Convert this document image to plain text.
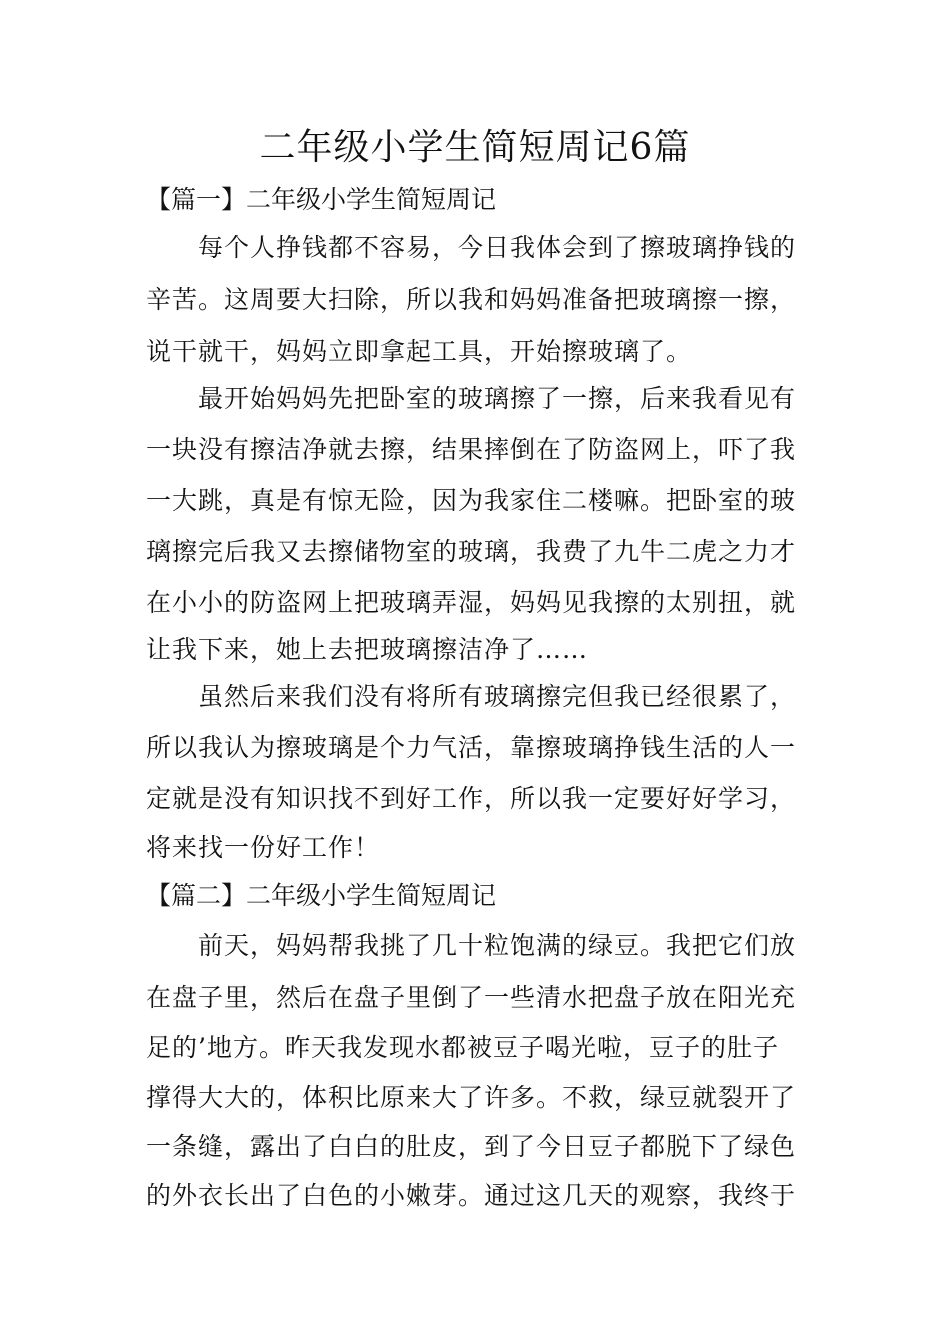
二年级小学生简短周记6篇
【篇一】二年级小学生简短周记
每个人挣钱都不容易，今日我体会到了擦玻璃挣钱的
辛苦。这周要大扫除，所以我和妈妈准备把玻璃擦一擦，
说干就干，妈妈立即拿起工具，开始擦玻璃了。
最开始妈妈先把卧室的玻璃擦了一擦，后来我看见有
一块没有擦洁净就去擦，结果摔倒在了防盗网上，吓了我
一大跳，真是有惊无险，因为我家住二楼嘛。把卧室的玻
璃擦完后我又去擦储物室的玻璃，我费了九牛二虎之力才
在小小的防盗网上把玻璃弄湿，妈妈见我擦的太别扭，就
让我下来，她上去把玻璃擦洁净了……
虽然后来我们没有将所有玻璃擦完但我已经很累了，
所以我认为擦玻璃是个力气活，靠擦玻璃挣钱生活的人一
定就是没有知识找不到好工作，所以我一定要好好学习，
将来找一份好工作！
【篇二】二年级小学生简短周记
前天，妈妈帮我挑了几十粒饱满的绿豆。我把它们放
在盘子里，然后在盘子里倒了一些清水把盘子放在阳光充
足的’地方。昨天我发现水都被豆子喝光啦，豆子的肚子
撑得大大的，体积比原来大了许多。不救，绿豆就裂开了
一条缝，露出了白白的肚皮，到了今日豆子都脱下了绿色
的外衣长出了白色的小嫩芽。通过这几天的观察，我终于
